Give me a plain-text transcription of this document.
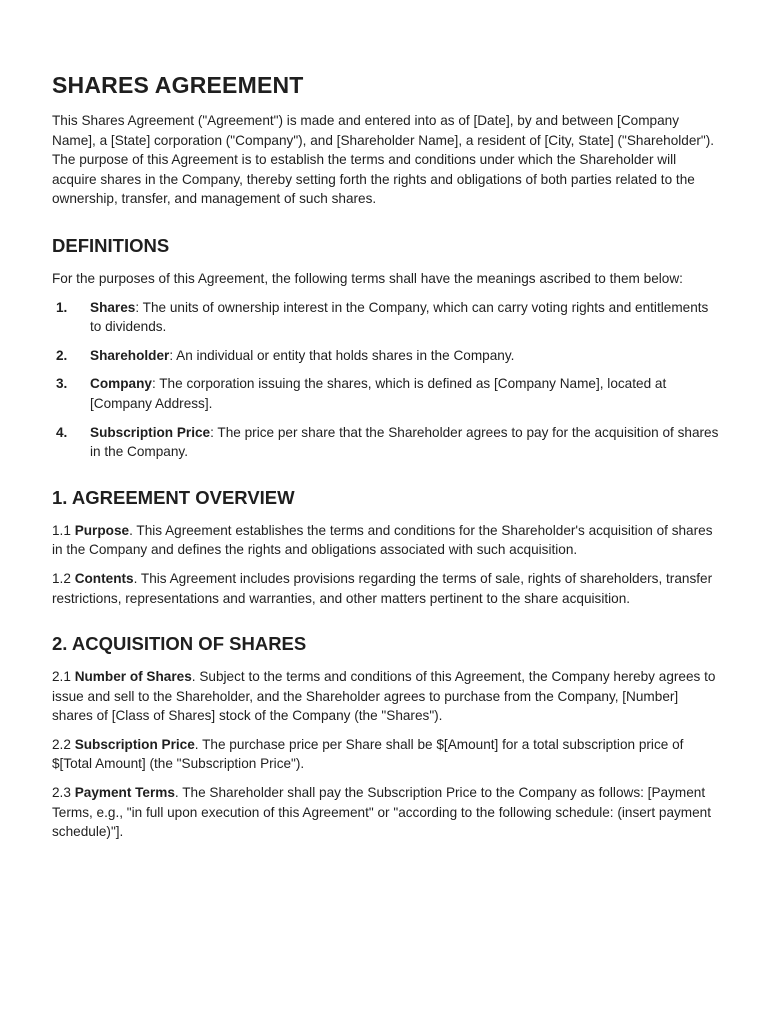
SHARES AGREEMENT

This Shares Agreement ("Agreement") is made and entered into as of [Date], by and between [Company Name], a [State] corporation ("Company"), and [Shareholder Name], a resident of [City, State] ("Shareholder"). The purpose of this Agreement is to establish the terms and conditions under which the Shareholder will acquire shares in the Company, thereby setting forth the rights and obligations of both parties related to the ownership, transfer, and management of such shares.

DEFINITIONS

For the purposes of this Agreement, the following terms shall have the meanings ascribed to them below:

1. Shares: The units of ownership interest in the Company, which can carry voting rights and entitlements to dividends.
2. Shareholder: An individual or entity that holds shares in the Company.
3. Company: The corporation issuing the shares, which is defined as [Company Name], located at [Company Address].
4. Subscription Price: The price per share that the Shareholder agrees to pay for the acquisition of shares in the Company.
1. AGREEMENT OVERVIEW

1.1 Purpose. This Agreement establishes the terms and conditions for the Shareholder's acquisition of shares in the Company and defines the rights and obligations associated with such acquisition.

1.2 Contents. This Agreement includes provisions regarding the terms of sale, rights of shareholders, transfer restrictions, representations and warranties, and other matters pertinent to the share acquisition.

2. ACQUISITION OF SHARES

2.1 Number of Shares. Subject to the terms and conditions of this Agreement, the Company hereby agrees to issue and sell to the Shareholder, and the Shareholder agrees to purchase from the Company, [Number] shares of [Class of Shares] stock of the Company (the "Shares").

2.2 Subscription Price. The purchase price per Share shall be $[Amount] for a total subscription price of $[Total Amount] (the "Subscription Price").

2.3 Payment Terms. The Shareholder shall pay the Subscription Price to the Company as follows: [Payment Terms, e.g., "in full upon execution of this Agreement" or "according to the following schedule: (insert payment schedule)"].
